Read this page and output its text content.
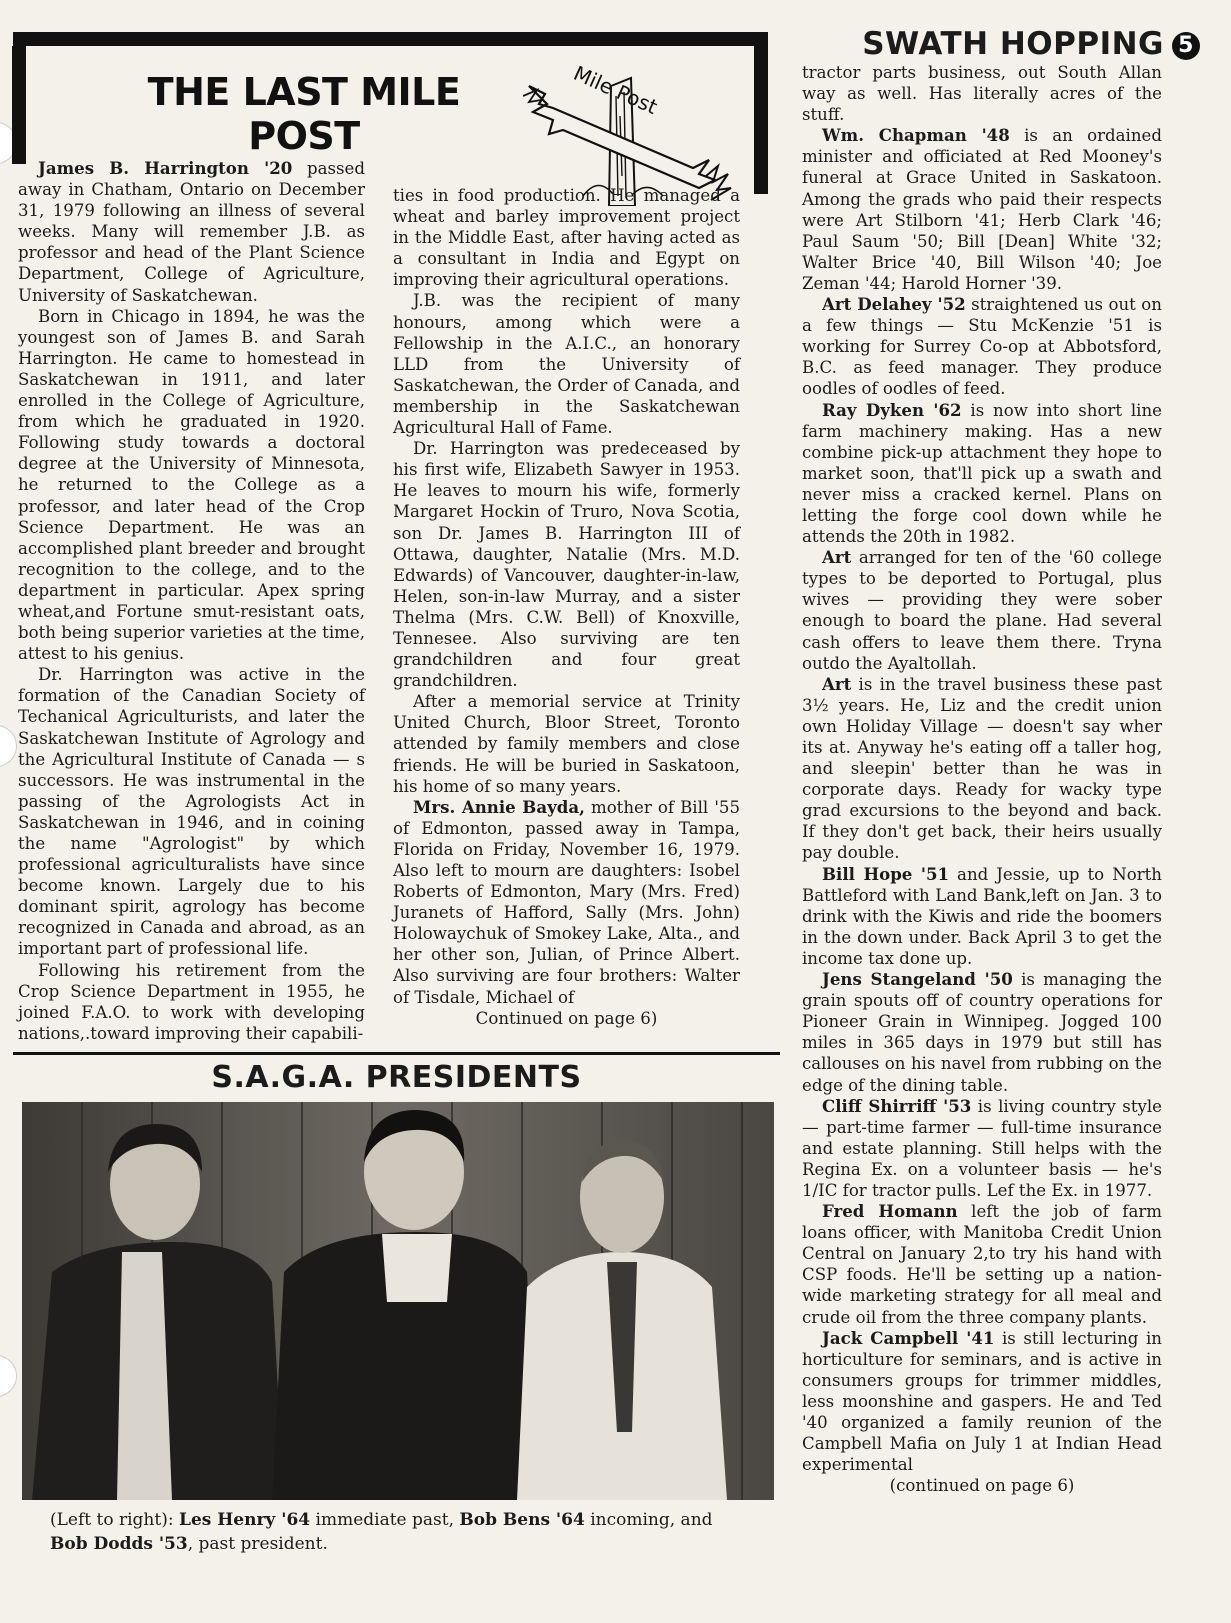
THE LAST MILE
POST
Mile Post

James B. Harrington '20 passed away in Chatham, Ontario on December 31, 1979 following an illness of several weeks. Many will remember J.B. as professor and head of the Plant Science Department, College of Agriculture, University of Saskatchewan.

Born in Chicago in 1894, he was the youngest son of James B. and Sarah Harrington. He came to homestead in Saskatchewan in 1911, and later enrolled in the College of Agriculture, from which he graduated in 1920. Following study towards a doctoral degree at the University of Minnesota, he returned to the College as a professor, and later head of the Crop Science Department. He was an accomplished plant breeder and brought recognition to the college, and to the department in particular. Apex spring wheat,and Fortune smut-resistant oats, both being superior varieties at the time, attest to his genius.

Dr. Harrington was active in the formation of the Canadian Society of Techanical Agriculturists, and later the Saskatchewan Institute of Agrology and the Agricultural Institute of Canada — s successors. He was instrumental in the passing of the Agrologists Act in Saskatchewan in 1946, and in coining the name "Agrologist" by which professional agriculturalists have since become known. Largely due to his dominant spirit, agrology has become recognized in Canada and abroad, as an important part of professional life.

Following his retirement from the Crop Science Department in 1955, he joined F.A.O. to work with developing nations,.toward improving their capabili-

ties in food production. He managed a wheat and barley improvement project in the Middle East, after having acted as a consultant in India and Egypt on improving their agricultural operations.

J.B. was the recipient of many honours, among which were a Fellowship in the A.I.C., an honorary LLD from the University of Saskatchewan, the Order of Canada, and membership in the Saskatchewan Agricultural Hall of Fame.

Dr. Harrington was predeceased by his first wife, Elizabeth Sawyer in 1953. He leaves to mourn his wife, formerly Margaret Hockin of Truro, Nova Scotia, son Dr. James B. Harrington III of Ottawa, daughter, Natalie (Mrs. M.D. Edwards) of Vancouver, daughter-in-law, Helen, son-in-law Murray, and a sister Thelma (Mrs. C.W. Bell) of Knoxville, Tennesee. Also surviving are ten grandchildren and four great grandchildren.

After a memorial service at Trinity United Church, Bloor Street, Toronto attended by family members and close friends. He will be buried in Saskatoon, his home of so many years.

Mrs. Annie Bayda, mother of Bill '55 of Edmonton, passed away in Tampa, Florida on Friday, November 16, 1979. Also left to mourn are daughters: Isobel Roberts of Edmonton, Mary (Mrs. Fred) Juranets of Hafford, Sally (Mrs. John) Holowaychuk of Smokey Lake, Alta., and her other son, Julian, of Prince Albert. Also surviving are four brothers: Walter of Tisdale, Michael of

Continued on page 6)

S.A.G.A. PRESIDENTS
(Left to right): Les Henry '64 immediate past, Bob Bens '64 incoming, and Bob Dodds '53, past president.
SWATH HOPPING 5

tractor parts business, out South Allan way as well. Has literally acres of the stuff.

Wm. Chapman '48 is an ordained minister and officiated at Red Mooney's funeral at Grace United in Saskatoon. Among the grads who paid their respects were Art Stilborn '41; Herb Clark '46; Paul Saum '50; Bill [Dean] White '32; Walter Brice '40, Bill Wilson '40; Joe Zeman '44; Harold Horner '39.

Art Delahey '52 straightened us out on a few things — Stu McKenzie '51 is working for Surrey Co-op at Abbotsford, B.C. as feed manager. They produce oodles of oodles of feed.

Ray Dyken '62 is now into short line farm machinery making. Has a new combine pick-up attachment they hope to market soon, that'll pick up a swath and never miss a cracked kernel. Plans on letting the forge cool down while he attends the 20th in 1982.

Art arranged for ten of the '60 college types to be deported to Portugal, plus wives — providing they were sober enough to board the plane. Had several cash offers to leave them there. Tryna outdo the Ayaltollah.

Art is in the travel business these past 3½ years. He, Liz and the credit union own Holiday Village — doesn't say wher its at. Anyway he's eating off a taller hog, and sleepin' better than he was in corporate days. Ready for wacky type grad excursions to the beyond and back. If they don't get back, their heirs usually pay double.

Bill Hope '51 and Jessie, up to North Battleford with Land Bank,left on Jan. 3 to drink with the Kiwis and ride the boomers in the down under. Back April 3 to get the income tax done up.

Jens Stangeland '50 is managing the grain spouts off of country operations for Pioneer Grain in Winnipeg. Jogged 100 miles in 365 days in 1979 but still has callouses on his navel from rubbing on the edge of the dining table.

Cliff Shirriff '53 is living country style — part-time farmer — full-time insurance and estate planning. Still helps with the Regina Ex. on a volunteer basis — he's 1/IC for tractor pulls. Lef the Ex. in 1977.

Fred Homann left the job of farm loans officer, with Manitoba Credit Union Central on January 2,to try his hand with CSP foods. He'll be setting up a nation-wide marketing strategy for all meal and crude oil from the three company plants.

Jack Campbell '41 is still lecturing in horticulture for seminars, and is active in consumers groups for trimmer middles, less moonshine and gaspers. He and Ted '40 organized a family reunion of the Campbell Mafia on July 1 at Indian Head experimental

(continued on page 6)
